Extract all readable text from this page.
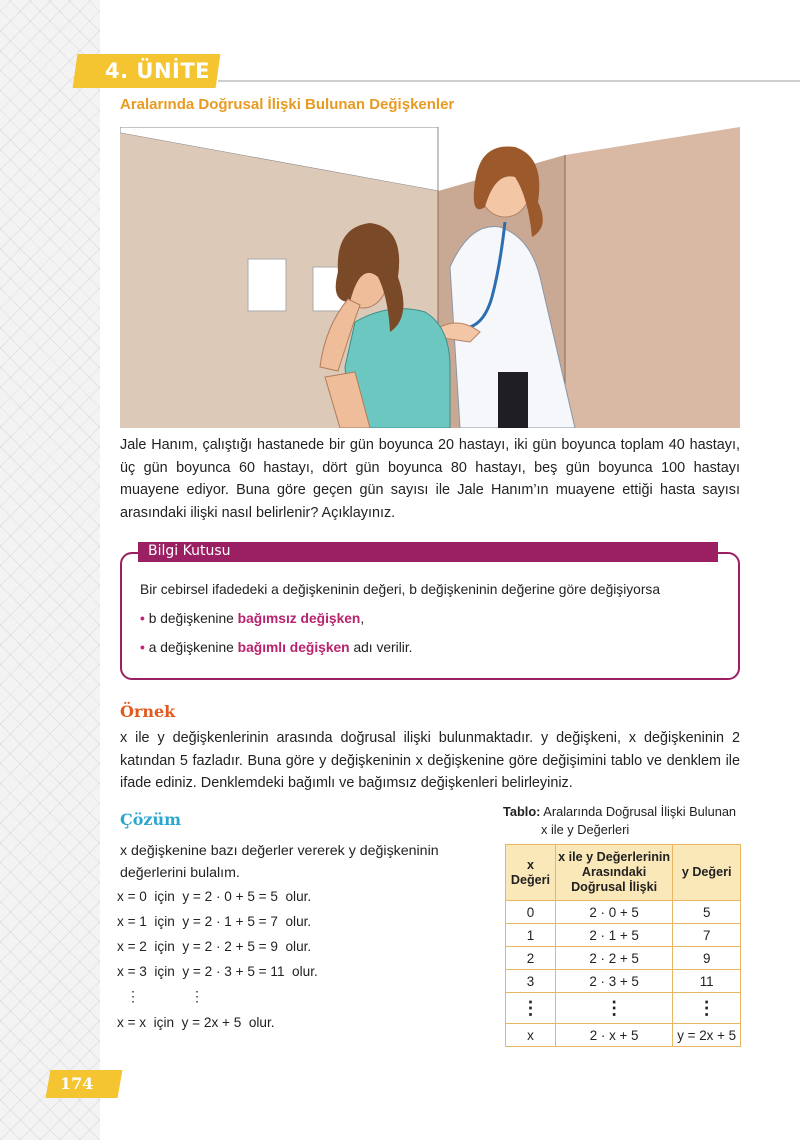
4. ÜNİTE
Aralarında Doğrusal İlişki Bulunan Değişkenler
Jale Hanım, çalıştığı hastanede bir gün boyunca 20 hastayı, iki gün boyunca toplam 40 hastayı, üç gün boyunca 60 hastayı, dört gün boyunca 80 hastayı, beş gün boyunca 100 hastayı muayene ediyor. Buna göre geçen gün sayısı ile Jale Hanım’ın muayene ettiği hasta sayısı arasındaki ilişki nasıl belirlenir? Açıklayınız.
Bilgi Kutusu
Bir cebirsel ifadedeki a değişkeninin değeri, b değişkeninin değerine göre değişiyorsa
• b değişkenine bağımsız değişken,
• a değişkenine bağımlı değişken adı verilir.
Örnek
x ile y değişkenlerinin arasında doğrusal ilişki bulunmaktadır. y değişkeni, x değişkeninin 2 katından 5 fazladır. Buna göre y değişkeninin x değişkenine göre değişimini tablo ve denklem ile ifade ediniz. Denklemdeki bağımlı ve bağımsız değişkenleri belirleyiniz.
Çözüm
x değişkenine bazı değerler vererek y değişkeninin değerlerini bulalım.
x = 0  için  y = 2 · 0 + 5 = 5  olur.
x = 1  için  y = 2 · 1 + 5 = 7  olur.
x = 2  için  y = 2 · 2 + 5 = 9  olur.
x = 3  için  y = 2 · 3 + 5 = 11  olur.
⋮	⋮
x = x  için  y = 2x + 5  olur.
Tablo: Aralarında Doğrusal İlişki Bulunan
x ile y Değerleri
x Değeri	x ile y Değerlerinin Arasındaki Doğrusal İlişki	y Değeri
0	2 · 0 + 5	5
1	2 · 1 + 5	7
2	2 · 2 + 5	9
3	2 · 3 + 5	11
⋮	⋮	⋮
x	2 · x + 5	y = 2x + 5
174
